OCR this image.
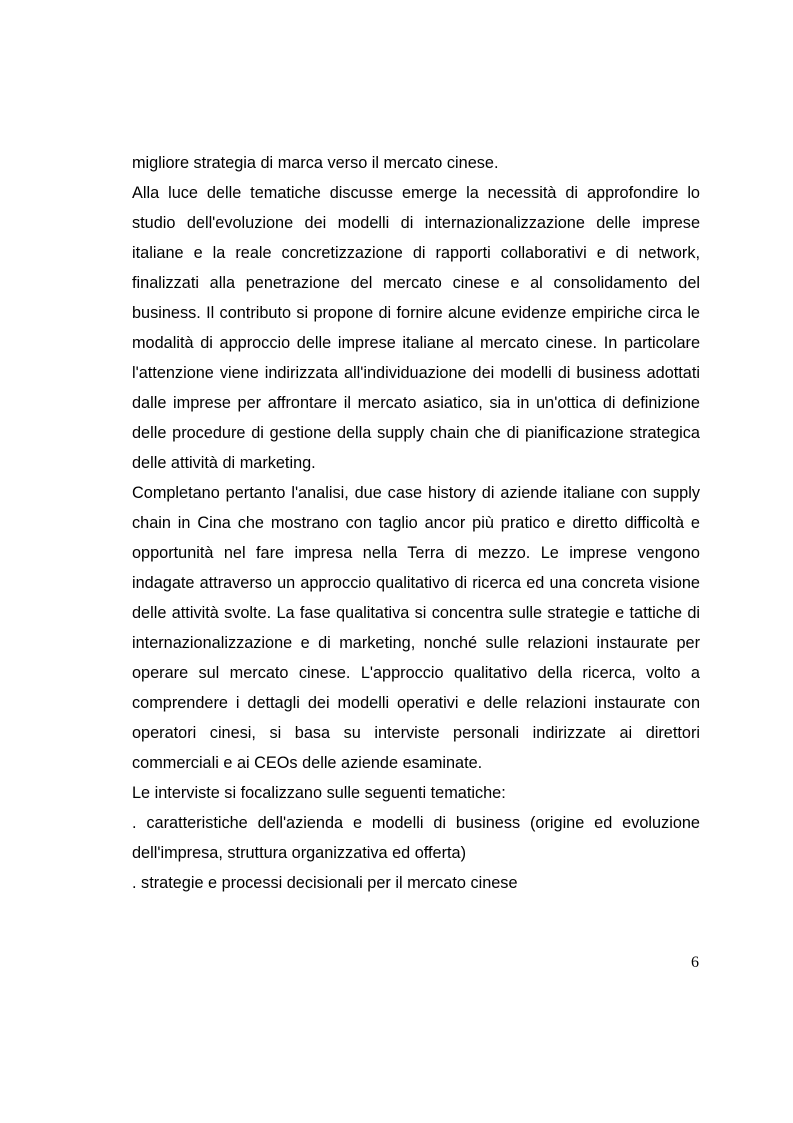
migliore strategia di marca verso il mercato cinese.

Alla luce delle tematiche discusse emerge la necessità di approfondire lo studio dell'evoluzione dei modelli di internazionalizzazione delle imprese italiane e la reale concretizzazione di rapporti collaborativi e di network, finalizzati alla penetrazione del mercato cinese e al consolidamento del business. Il contributo si propone di fornire alcune evidenze empiriche circa le modalità di approccio delle imprese italiane al mercato cinese. In particolare l'attenzione viene indirizzata all'individuazione dei modelli di business adottati dalle imprese per affrontare il mercato asiatico, sia in un'ottica di definizione delle procedure di gestione della supply chain che di pianificazione strategica delle attività di marketing.

Completano pertanto l'analisi, due case history di aziende italiane con supply chain in Cina che mostrano con taglio ancor più pratico e diretto difficoltà e opportunità nel fare impresa nella Terra di mezzo. Le imprese vengono indagate attraverso un approccio qualitativo di ricerca ed una concreta visione delle attività svolte. La fase qualitativa si concentra sulle strategie e tattiche di internazionalizzazione e di marketing, nonché sulle relazioni instaurate per operare sul mercato cinese. L'approccio qualitativo della ricerca, volto a comprendere i dettagli dei modelli operativi e delle relazioni instaurate con operatori cinesi, si basa su interviste personali indirizzate ai direttori commerciali e ai CEOs delle aziende esaminate.

Le interviste si focalizzano sulle seguenti tematiche:

. caratteristiche dell'azienda e modelli di business (origine ed evoluzione dell'impresa, struttura organizzativa ed offerta)

. strategie e processi decisionali per il mercato cinese

6
